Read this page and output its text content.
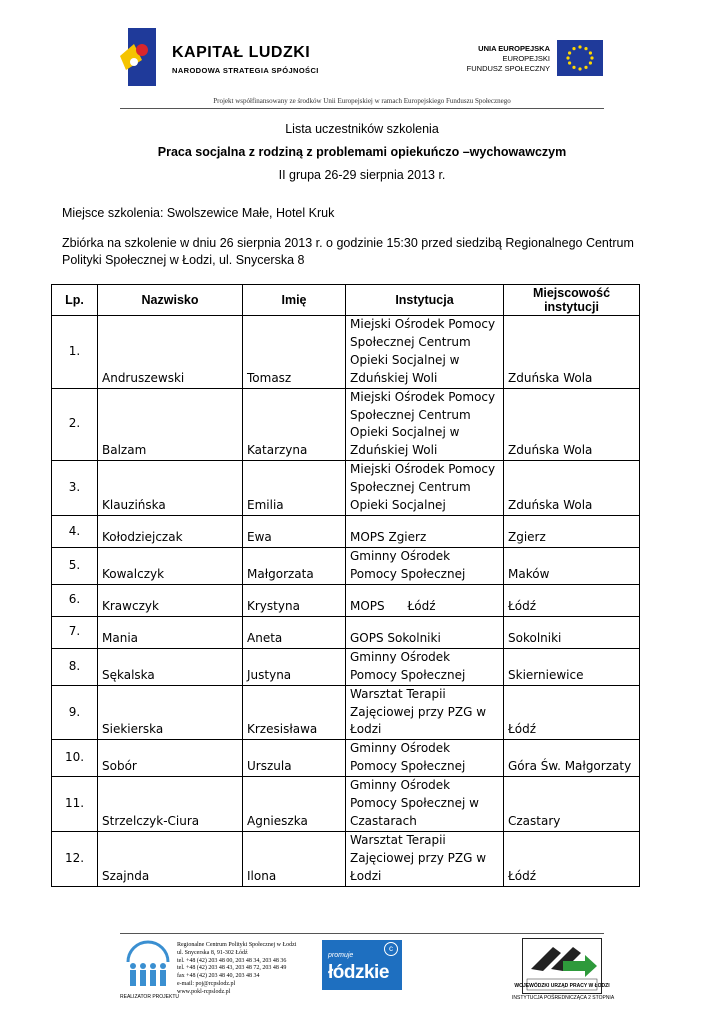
KAPITAŁ LUDZKI
NARODOWA STRATEGIA SPÓJNOŚCI
UNIA EUROPEJSKA
EUROPEJSKI
FUNDUSZ SPOŁECZNY
Projekt współfinansowany ze środków Unii Europejskiej w ramach Europejskiego Funduszu Społecznego
Lista uczestników szkolenia
Praca socjalna z rodziną z problemami opiekuńczo –wychowawczym
II grupa 26-29 sierpnia 2013 r.
Miejsce szkolenia: Swolszewice Małe, Hotel Kruk
Zbiórka na szkolenie w dniu 26 sierpnia 2013 r. o godzinie 15:30 przed siedzibą Regionalnego Centrum Polityki Społecznej w Łodzi, ul. Snycerska 8
Lp.	Nazwisko	Imię	Instytucja	Miejscowość instytucji
1.	Andruszewski	Tomasz	Miejski Ośrodek Pomocy Społecznej Centrum Opieki Socjalnej w Zduńskiej Woli	Zduńska Wola
2.	Balzam	Katarzyna	Miejski Ośrodek Pomocy Społecznej Centrum Opieki Socjalnej w Zduńskiej Woli	Zduńska Wola
3.	Klauzińska	Emilia	Miejski Ośrodek Pomocy Społecznej Centrum Opieki Socjalnej	Zduńska Wola
4.	Kołodziejczak	Ewa	MOPS Zgierz	Zgierz
5.	Kowalczyk	Małgorzata	Gminny Ośrodek Pomocy Społecznej	Maków
6.	Krawczyk	Krystyna	MOPS      Łódź	Łódź
7.	Mania	Aneta	GOPS Sokolniki	Sokolniki
8.	Sękalska	Justyna	Gminny Ośrodek Pomocy Społecznej	Skierniewice
9.	Siekierska	Krzesisława	Warsztat Terapii Zajęciowej przy PZG w Łodzi	Łódź
10.	Sobór	Urszula	Gminny Ośrodek Pomocy Społecznej	Góra Św. Małgorzaty
11.	Strzelczyk-Ciura	Agnieszka	Gminny Ośrodek Pomocy Społecznej w Czastarach	Czastary
12.	Szajnda	Ilona	Warsztat Terapii Zajęciowej przy PZG w Łodzi	Łódź
REALIZATOR PROJEKTU
Regionalne Centrum Polityki Społecznej w Łodzi
ul. Snycerska 8, 91-302 Łódź
tel. +48 (42) 203 48 00, 203 48 34, 203 48 36
tel. +48 (42) 203 48 43, 203 48 72, 203 48 49
fax +48 (42) 203 48 40, 203 48 34
e-mail: poj@rcpslodz.pl
www.pokl-rcpslodz.pl
promuje
łódzkie
c
WOJEWÓDZKI URZĄD PRACY W ŁODZI
INSTYTUCJA POŚREDNICZĄCA 2 STOPNIA
